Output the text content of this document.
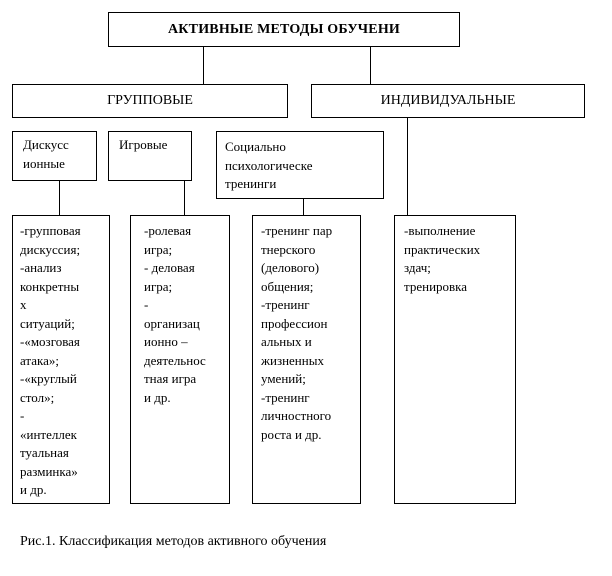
АКТИВНЫЕ МЕТОДЫ ОБУЧЕНИ
ГРУППОВЫЕ	ИНДИВИДУАЛЬНЫЕ
Дискусс
ионные
Игровые	Социально
психологическе
тренинги
-групповая
дискуссия;
-анализ
конкретны
х
ситуаций;
-«мозговая
атака»;
-«круглый
стол»;
-
«интеллек
туальная
разминка»
и др.
-ролевая
игра;
- деловая
игра;
-
организац
ионно –
деятельнос
тная игра
и др.
-тренинг пар
тнерского
(делового)
общения;
-тренинг
профессион
альных и
жизненных
умений;
-тренинг
личностного
роста и др.
-выполнение
практических
здач;
тренировка
Рис.1. Классификация методов активного обучения
